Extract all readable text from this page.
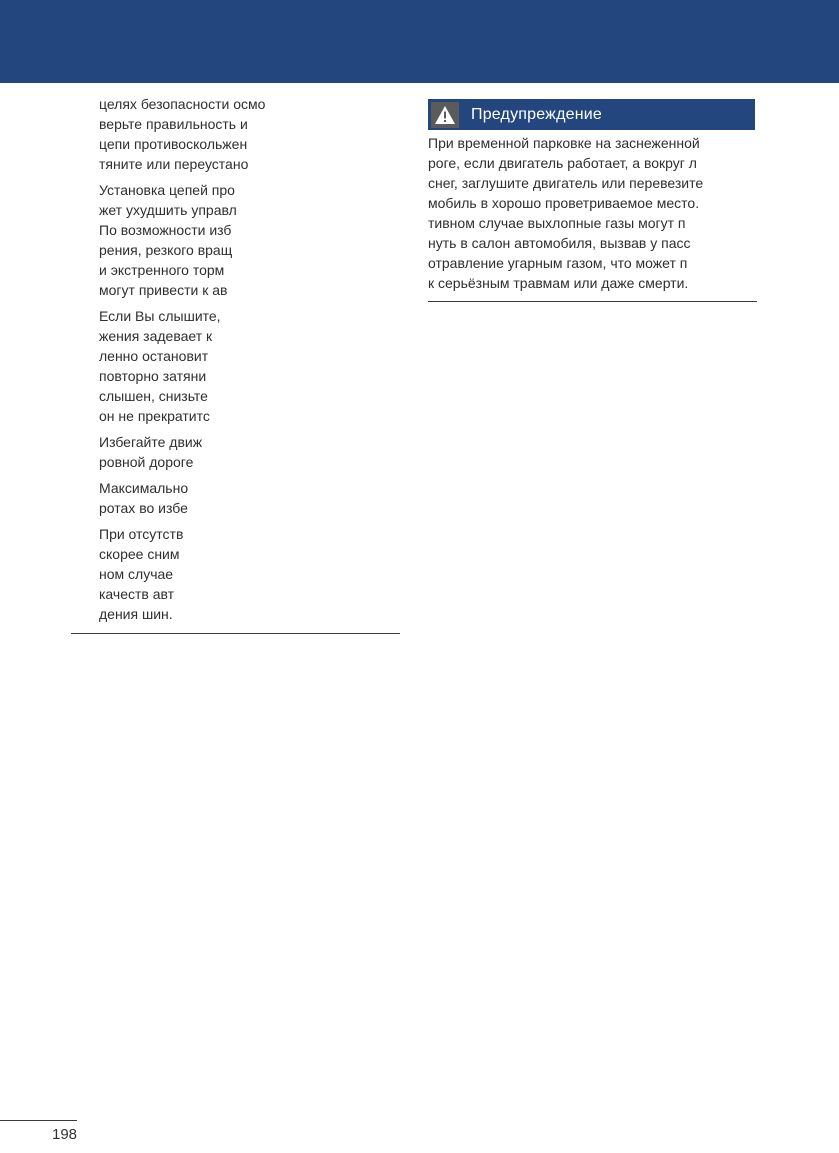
целях безопасности осмо
верьте правильность и
цепи противоскольжен
тяните или переустано

Установка цепей про
жет ухудшить управл
По возможности изб
рения, резкого вращ
и экстренного торм
могут привести к ав

Если Вы слышите,
жения задевает к
ленно остановит
повторно затяни
слышен, снизьте
он не прекратитс

Избегайте движ
ровной дороге

Максимально
ротах во избе

При отсутств
скорее сним
ном случае
качеств авт
дения шин.

Предупреждение
При временной парковке на заснеженной
роге, если двигатель работает, а вокруг л
снег, заглушите двигатель или перевезите
мобиль в хорошо проветриваемое место.
тивном случае выхлопные газы могут п
нуть в салон автомобиля, вызвав у пасс
отравление угарным газом, что может п
к серьёзным травмам или даже смерти.
198
